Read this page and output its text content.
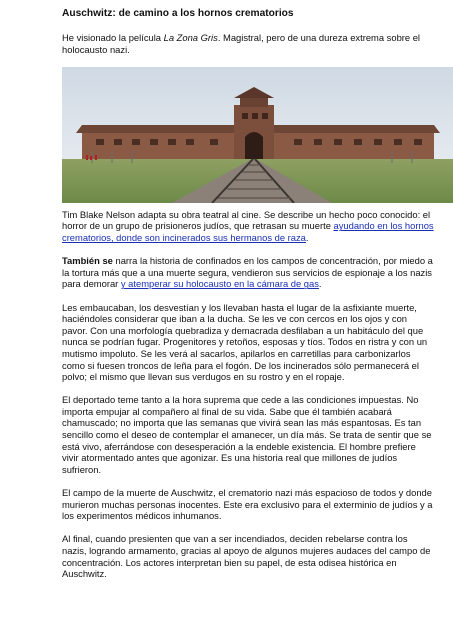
Auschwitz: de camino a los hornos crematorios

He visionado la película La Zona Gris. Magistral, pero de una dureza extrema sobre el holocausto nazi.

Tim Blake Nelson adapta su obra teatral al cine. Se describe un hecho poco conocido: el horror de un grupo de prisioneros judíos, que retrasan su muerte ayudando en los hornos crematorios, donde son incinerados sus hermanos de raza.

También se narra la historia de confinados en los campos de concentración, por miedo a la tortura más que a una muerte segura, vendieron sus servicios de espionaje a los nazis para demorar y atemperar su holocausto en la cámara de gas.

Les embaucaban, los desvestían y los llevaban hasta el lugar de la asfixiante muerte, haciéndoles considerar que iban a la ducha. Se les ve con cercos en los ojos y con pavor. Con una morfología quebradiza y demacrada desfilaban a un habitáculo del que nunca se podrían fugar. Progenitores y retoños, esposas y tíos. Todos en ristra y con un mutismo impoluto. Se les verá al sacarlos, apilarlos en carretillas para carbonizarlos como si fuesen troncos de leña para el fogón. De los incinerados sólo permanecerá el polvo; el mismo que llevan sus verdugos en su rostro y en el ropaje.

El deportado teme tanto a la hora suprema que cede a las condiciones impuestas. No importa empujar al compañero al final de su vida. Sabe que él también acabará chamuscado; no importa que las semanas que vivirá sean las más espantosas. Es tan sencillo como el deseo de contemplar el amanecer, un día más. Se trata de sentir que se está vivo, aferrándose con desesperación a la endeble existencia. El hombre prefiere vivir atormentado antes que agonizar. Es una historia real que millones de judíos sufrieron.

El campo de la muerte de Auschwitz, el crematorio nazi más espacioso de todos y donde murieron muchas personas inocentes. Este era exclusivo para el exterminio de judíos y a los experimentos médicos inhumanos.

Al final, cuando presienten que van a ser incendiados, deciden rebelarse contra los nazis, logrando armamento, gracias al apoyo de algunos mujeres audaces del campo de concentración. Los actores interpretan bien su papel, de esta odisea histórica en Auschwitz.
